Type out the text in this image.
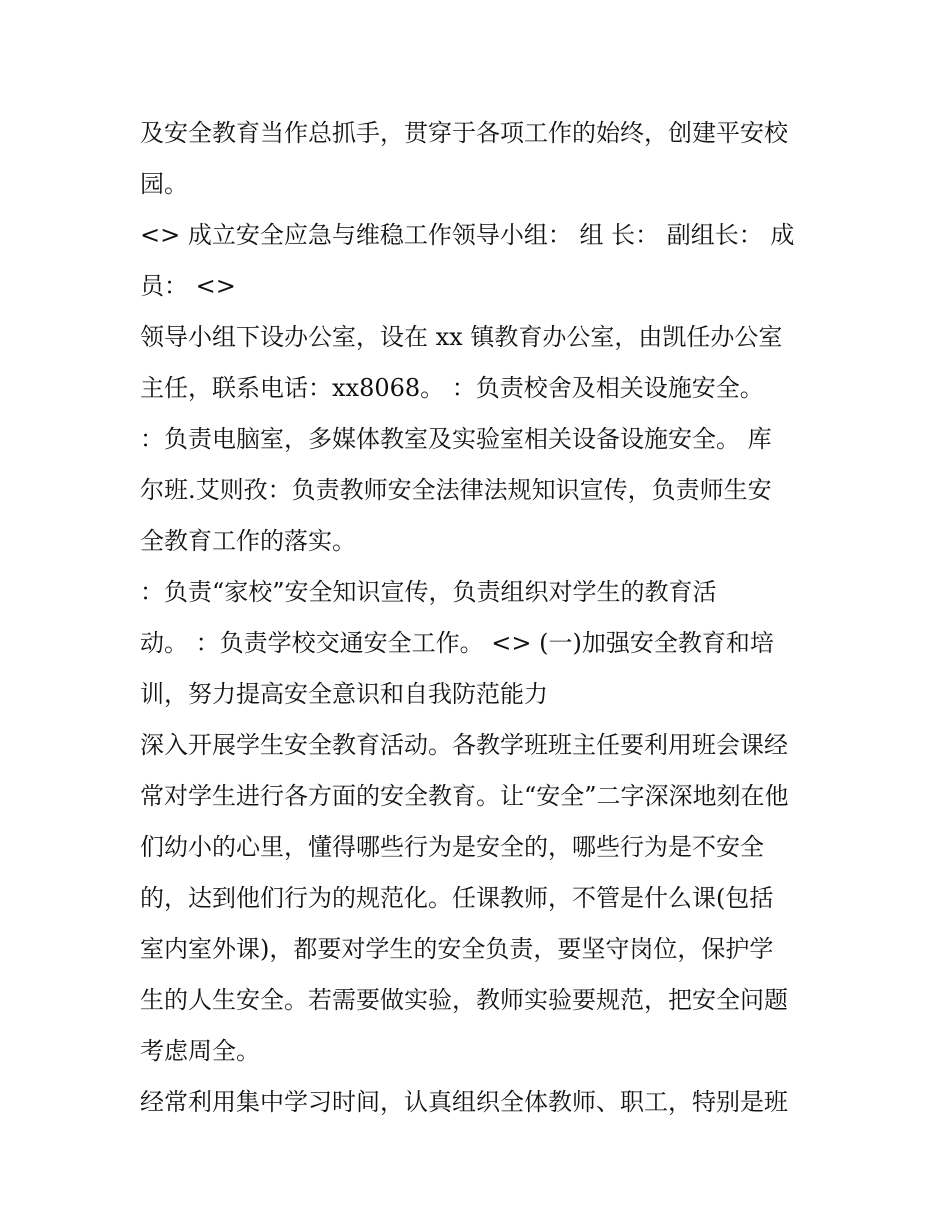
及安全教育当作总抓手，贯穿于各项工作的始终，创建平安校
园。
<> 成立安全应急与维稳工作领导小组： 组 长： 副组长： 成
员： <>
领导小组下设办公室，设在 xx 镇教育办公室，由凯任办公室
主任，联系电话：xx8068。 ：负责校舍及相关设施安全。
：负责电脑室，多媒体教室及实验室相关设备设施安全。 库
尔班.艾则孜：负责教师安全法律法规知识宣传，负责师生安
全教育工作的落实。
：负责“家校”安全知识宣传，负责组织对学生的教育活
动。 ：负责学校交通安全工作。 <> (一)加强安全教育和培
训，努力提高安全意识和自我防范能力
深入开展学生安全教育活动。各教学班班主任要利用班会课经
常对学生进行各方面的安全教育。让“安全”二字深深地刻在他
们幼小的心里，懂得哪些行为是安全的，哪些行为是不安全
的，达到他们行为的规范化。任课教师，不管是什么课(包括
室内室外课)，都要对学生的安全负责，要坚守岗位，保护学
生的人生安全。若需要做实验，教师实验要规范，把安全问题
考虑周全。
经常利用集中学习时间，认真组织全体教师、职工，特别是班
